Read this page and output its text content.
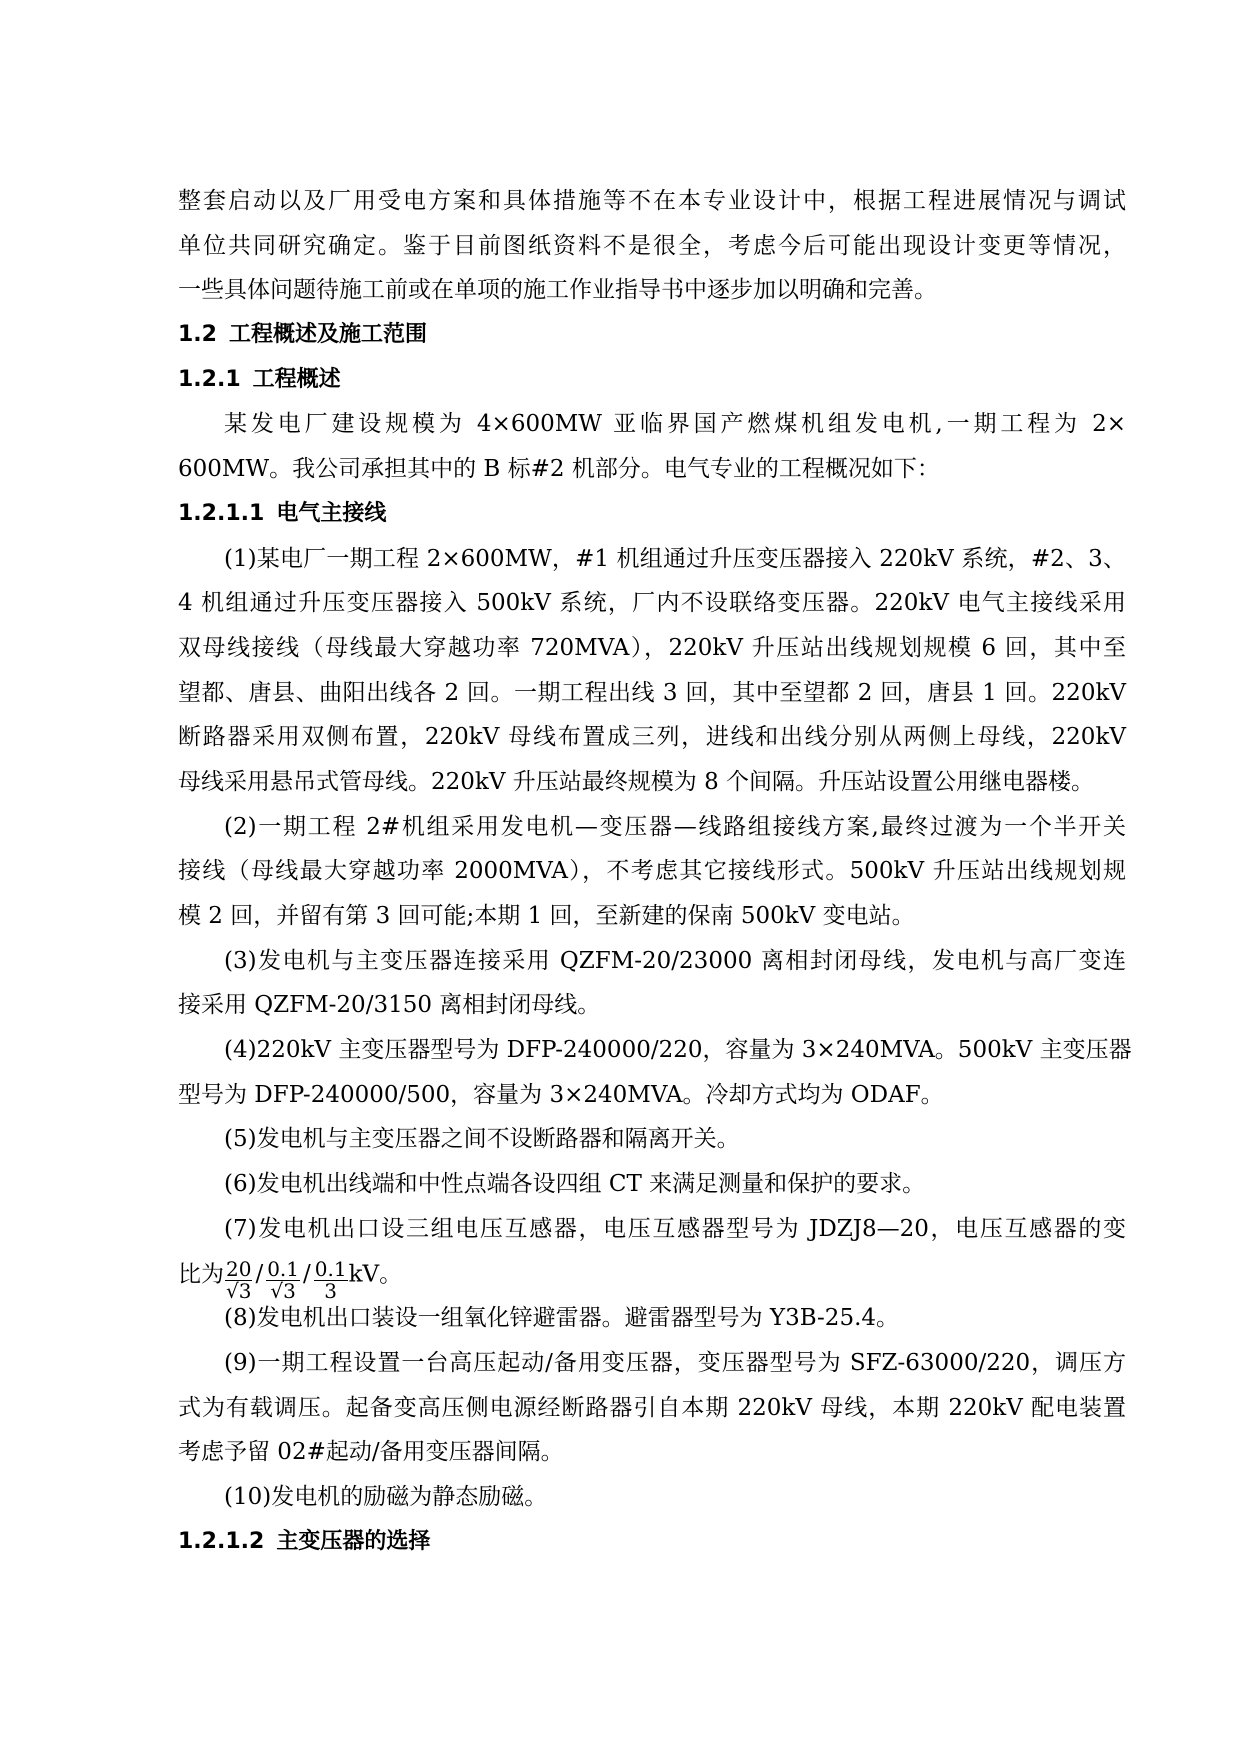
整套启动以及厂用受电方案和具体措施等不在本专业设计中，根据工程进展情况与调试
单位共同研究确定。鉴于目前图纸资料不是很全，考虑今后可能出现设计变更等情况，
一些具体问题待施工前或在单项的施工作业指导书中逐步加以明确和完善。
1.2 工程概述及施工范围
1.2.1 工程概述
某发电厂建设规模为 4×600MW 亚临界国产燃煤机组发电机,一期工程为 2×
600MW。我公司承担其中的 B 标#2 机部分。电气专业的工程概况如下：
1.2.1.1 电气主接线
(1)某电厂一期工程 2×600MW，#1 机组通过升压变压器接入 220kV 系统，#2、3、
4 机组通过升压变压器接入 500kV 系统，厂内不设联络变压器。220kV 电气主接线采用
双母线接线（母线最大穿越功率 720MVA），220kV 升压站出线规划规模 6 回，其中至
望都、唐县、曲阳出线各 2 回。一期工程出线 3 回，其中至望都 2 回，唐县 1 回。220kV
断路器采用双侧布置，220kV 母线布置成三列，进线和出线分别从两侧上母线，220kV
母线采用悬吊式管母线。220kV 升压站最终规模为 8 个间隔。升压站设置公用继电器楼。
(2)一期工程 2#机组采用发电机—变压器—线路组接线方案,最终过渡为一个半开关
接线（母线最大穿越功率 2000MVA），不考虑其它接线形式。500kV 升压站出线规划规
模 2 回，并留有第 3 回可能;本期 1 回，至新建的保南 500kV 变电站。
(3)发电机与主变压器连接采用 QZFM-20/23000 离相封闭母线，发电机与高厂变连
接采用 QZFM-20/3150 离相封闭母线。
(4)220kV 主变压器型号为 DFP-240000/220，容量为 3×240MVA。500kV 主变压器
型号为 DFP-240000/500，容量为 3×240MVA。冷却方式均为 ODAF。
(5)发电机与主变压器之间不设断路器和隔离开关。
(6)发电机出线端和中性点端各设四组 CT 来满足测量和保护的要求。
(7)发电机出口设三组电压互感器，电压互感器型号为 JDZJ8—20，电压互感器的变
比为 $\frac{20}{√3} / \frac{0.1}{√3} / \frac{0.1}{3}$ kV。
(8)发电机出口装设一组氧化锌避雷器。避雷器型号为 Y3B-25.4。
(9)一期工程设置一台高压起动/备用变压器，变压器型号为 SFZ-63000/220，调压方
式为有载调压。起备变高压侧电源经断路器引自本期 220kV 母线，本期 220kV 配电装置
考虑予留 02#起动/备用变压器间隔。
(10)发电机的励磁为静态励磁。
1.2.1.2 主变压器的选择
